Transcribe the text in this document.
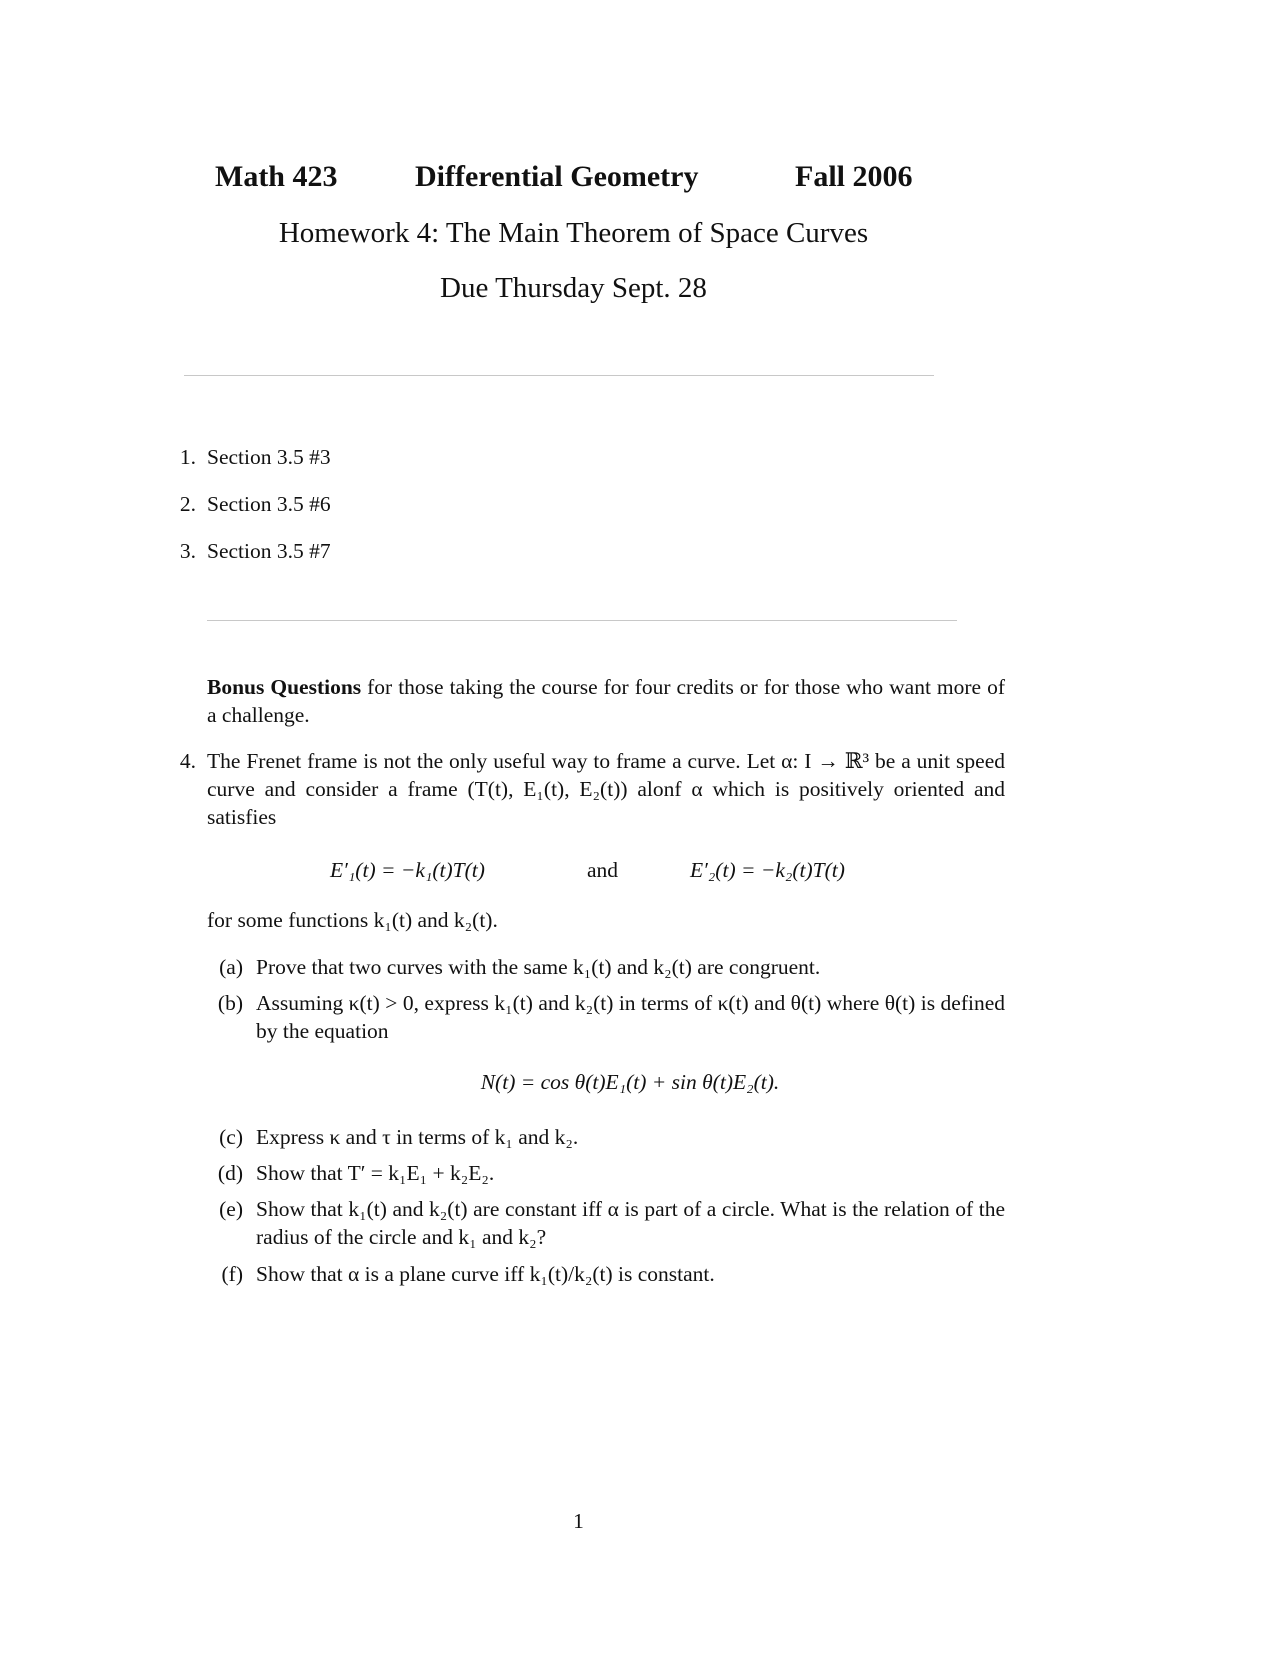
Math 423	Differential Geometry	Fall 2006
Homework 4: The Main Theorem of Space Curves
Due Thursday Sept. 28
1. Section 3.5 #3
2. Section 3.5 #6
3. Section 3.5 #7
Bonus Questions for those taking the course for four credits or for those who want more of a challenge.
4. The Frenet frame is not the only useful way to frame a curve. Let α: I → ℝ³ be a unit speed curve and consider a frame (T(t), E₁(t), E₂(t)) alonf α which is positively oriented and satisfies
E′₁(t) = −k₁(t)T(t)	and	E′₂(t) = −k₂(t)T(t)
for some functions k₁(t) and k₂(t).
(a) Prove that two curves with the same k₁(t) and k₂(t) are congruent.
(b) Assuming κ(t) > 0, express k₁(t) and k₂(t) in terms of κ(t) and θ(t) where θ(t) is defined by the equation
N(t) = cos θ(t)E₁(t) + sin θ(t)E₂(t).
(c) Express κ and τ in terms of k₁ and k₂.
(d) Show that T′ = k₁E₁ + k₂E₂.
(e) Show that k₁(t) and k₂(t) are constant iff α is part of a circle. What is the relation of the radius of the circle and k₁ and k₂?
(f) Show that α is a plane curve iff k₁(t)/k₂(t) is constant.
1
